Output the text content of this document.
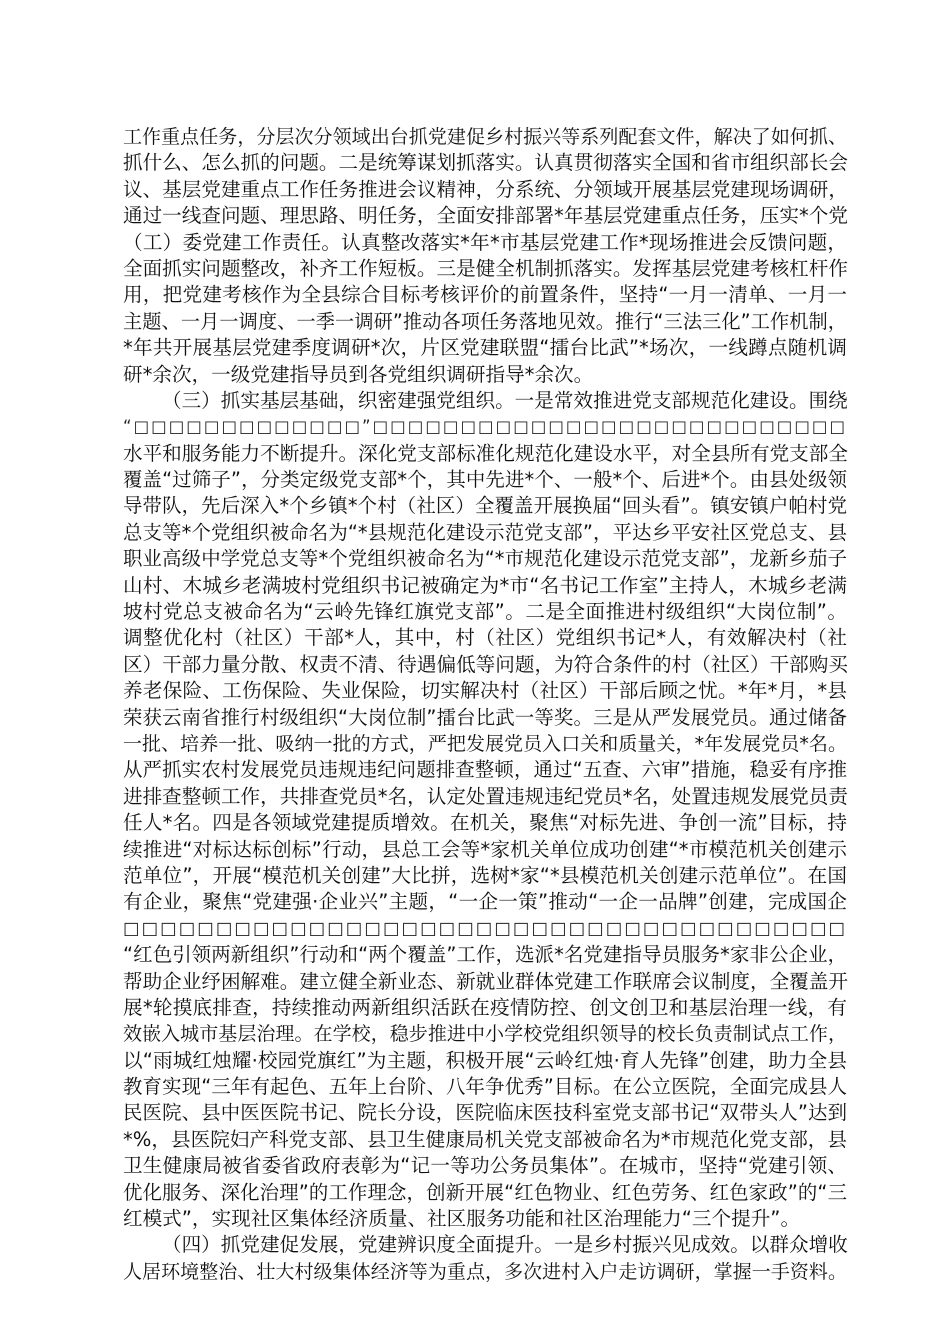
工作重点任务，分层次分领域出台抓党建促乡村振兴等系列配套文件，解决了如何抓、
抓什么、怎么抓的问题。二是统筹谋划抓落实。认真贯彻落实全国和省市组织部长会
议、基层党建重点工作任务推进会议精神，分系统、分领域开展基层党建现场调研，
通过一线查问题、理思路、明任务，全面安排部署*年基层党建重点任务，压实*个党
（工）委党建工作责任。认真整改落实*年*市基层党建工作*现场推进会反馈问题，
全面抓实问题整改，补齐工作短板。三是健全机制抓落实。发挥基层党建考核杠杆作
用，把党建考核作为全县综合目标考核评价的前置条件，坚持“一月一清单、一月一
主题、一月一调度、一季一调研”推动各项任务落地见效。推行“三法三化”工作机制，
*年共开展基层党建季度调研*次，片区党建联盟“擂台比武”*场次，一线蹲点随机调
研*余次，一级党建指导员到各党组织调研指导*余次。
（三）抓实基层基础，织密建强党组织。一是常效推进党支部规范化建设。围绕
“□□□□□□□□□□□□□”□□□□□□□□□□□□□□□□□□□□□□□□□□□
水平和服务能力不断提升。深化党支部标准化规范化建设水平，对全县所有党支部全
覆盖“过筛子”，分类定级党支部*个，其中先进*个、一般*个、后进*个。由县处级领
导带队，先后深入*个乡镇*个村（社区）全覆盖开展换届“回头看”。镇安镇户帕村党
总支等*个党组织被命名为“*县规范化建设示范党支部”，平达乡平安社区党总支、县
职业高级中学党总支等*个党组织被命名为“*市规范化建设示范党支部”，龙新乡茄子
山村、木城乡老满坡村党组织书记被确定为*市“名书记工作室”主持人，木城乡老满
坡村党总支被命名为“云岭先锋红旗党支部”。二是全面推进村级组织“大岗位制”。
调整优化村（社区）干部*人，其中，村（社区）党组织书记*人，有效解决村（社
区）干部力量分散、权责不清、待遇偏低等问题，为符合条件的村（社区）干部购买
养老保险、工伤保险、失业保险，切实解决村（社区）干部后顾之忧。*年*月，*县
荣获云南省推行村级组织“大岗位制”擂台比武一等奖。三是从严发展党员。通过储备
一批、培养一批、吸纳一批的方式，严把发展党员入口关和质量关，*年发展党员*名。
从严抓实农村发展党员违规违纪问题排查整顿，通过“五查、六审”措施，稳妥有序推
进排查整顿工作，共排查党员*名，认定处置违规违纪党员*名，处置违规发展党员责
任人*名。四是各领域党建提质增效。在机关，聚焦“对标先进、争创一流”目标，持
续推进“对标达标创标”行动，县总工会等*家机关单位成功创建“*市模范机关创建示
范单位”，开展“模范机关创建”大比拼，选树*家“*县模范机关创建示范单位”。在国
有企业，聚焦“党建强·企业兴”主题，“一企一策”推动“一企一品牌”创建，完成国企
□□□□□□□□□□□□□□□□□□□□□□□□□□□□□□□□□□□□□□□
“红色引领两新组织”行动和“两个覆盖”工作，选派*名党建指导员服务*家非公企业，
帮助企业纾困解难。建立健全新业态、新就业群体党建工作联席会议制度，全覆盖开
展*轮摸底排查，持续推动两新组织活跃在疫情防控、创文创卫和基层治理一线，有
效嵌入城市基层治理。在学校，稳步推进中小学校党组织领导的校长负责制试点工作，
以“雨城红烛耀·校园党旗红”为主题，积极开展“云岭红烛·育人先锋”创建，助力全县
教育实现“三年有起色、五年上台阶、八年争优秀”目标。在公立医院，全面完成县人
民医院、县中医医院书记、院长分设，医院临床医技科室党支部书记“双带头人”达到
*%，县医院妇产科党支部、县卫生健康局机关党支部被命名为*市规范化党支部，县
卫生健康局被省委省政府表彰为“记一等功公务员集体”。在城市，坚持“党建引领、
优化服务、深化治理”的工作理念，创新开展“红色物业、红色劳务、红色家政”的“三
红模式”，实现社区集体经济质量、社区服务功能和社区治理能力“三个提升”。
（四）抓党建促发展，党建辨识度全面提升。一是乡村振兴见成效。以群众增收
人居环境整治、壮大村级集体经济等为重点，多次进村入户走访调研，掌握一手资料。
